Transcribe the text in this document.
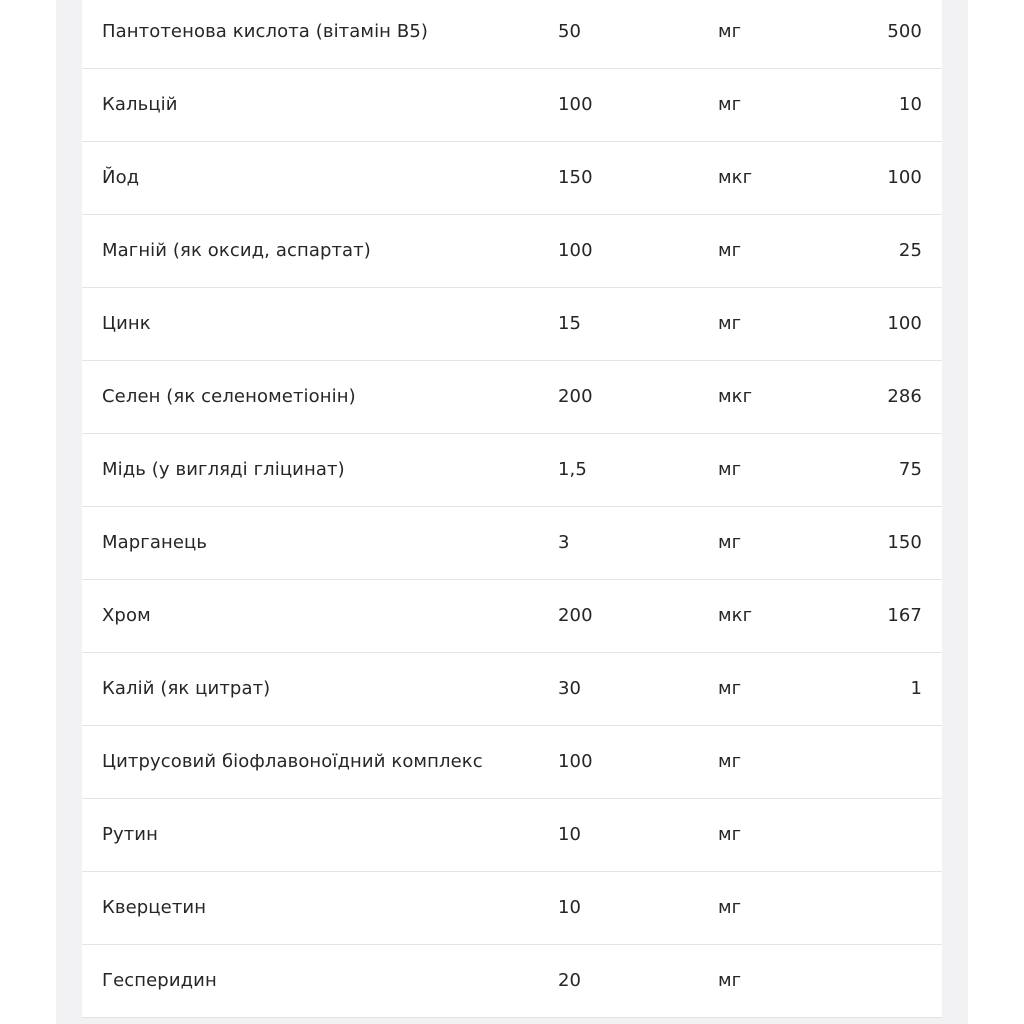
Пантотенова кислота (вітамін B5)	50	мг	500
Кальцій	100	мг	10
Йод	150	мкг	100
Магній (як оксид, аспартат)	100	мг	25
Цинк	15	мг	100
Селен (як селенометіонін)	200	мкг	286
Мідь (у вигляді гліцинат)	1,5	мг	75
Марганець	3	мг	150
Хром	200	мкг	167
Калій (як цитрат)	30	мг	1
Цитрусовий біофлавоноїдний комплекс	100	мг
Рутин	10	мг
Кверцетин	10	мг
Гесперидин	20	мг
